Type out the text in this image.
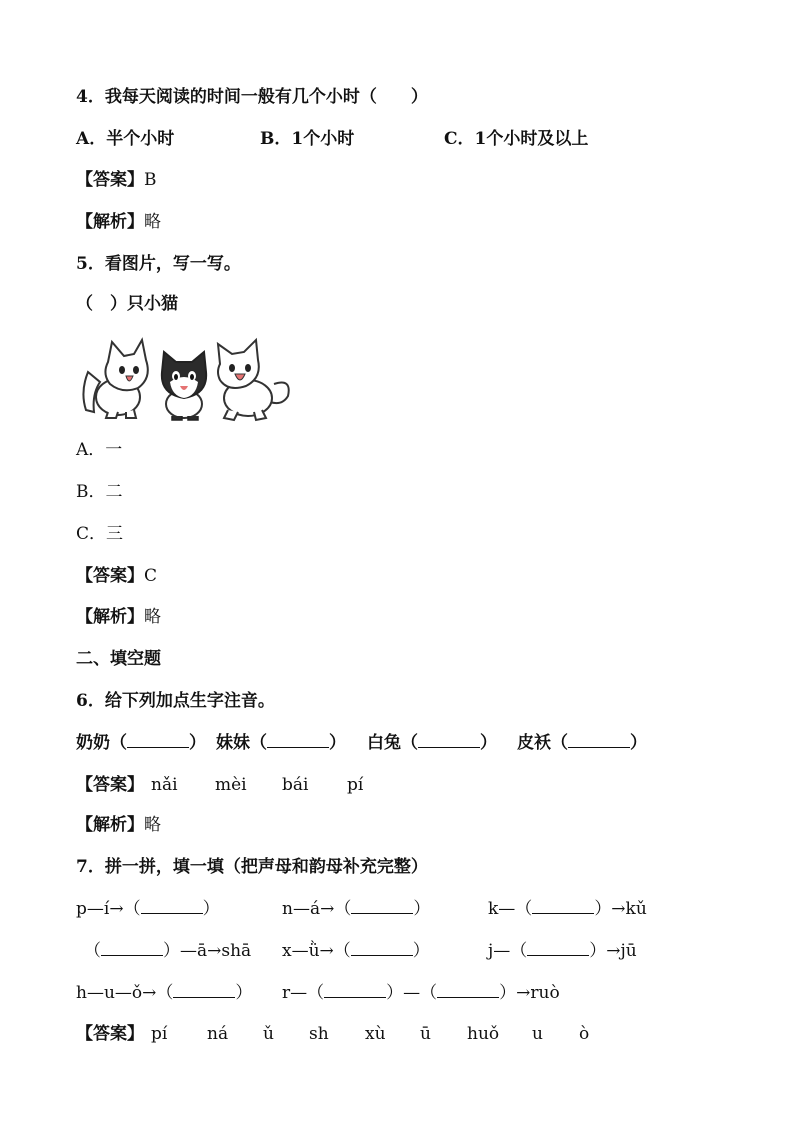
4．我每天阅读的时间一般有几个小时（　　）
A．半个小时	B．1个小时	C．1个小时及以上
【答案】B
【解析】略
5．看图片，写一写。
（　）只小猫
A．一
B．二
C．三
【答案】C
【解析】略
二、填空题
6．给下列加点生字注音。
奶奶（	） 妹妹（	） 白兔（	） 皮袄（	）
【答案】 nǎi mèi bái pí
【解析】略
7．拼一拼，填一填（把声母和韵母补充完整）
p—í→（	）	n—á→（	）	k—（	）→kǔ
（	）—ā→shā x—ǜ→（	）	j—（	）→jū
h—u—ǒ→（	） r—（	）—（	）→ruò
【答案】 pí ná ǔ sh xù ū huǒ u ò
